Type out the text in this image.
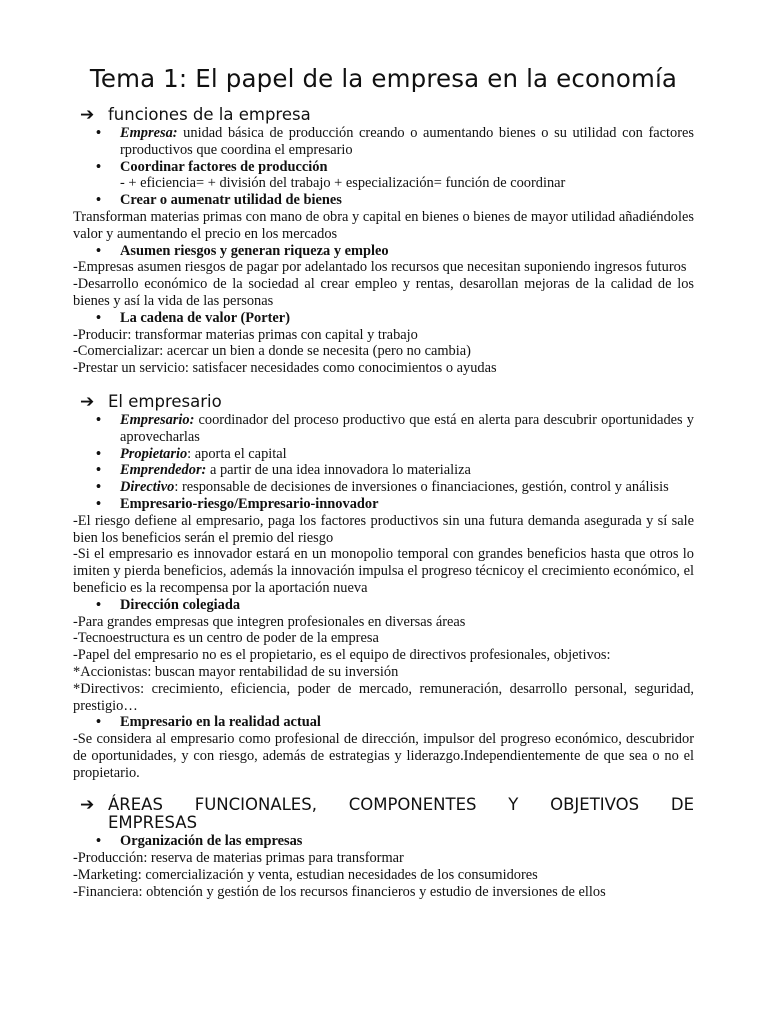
Tema 1: El papel de la empresa en la economía
➔ funciones de la empresa
• Empresa: unidad básica de producción creando o aumentando bienes o su utilidad con factores rproductivos que coordina el empresario
• Coordinar factores de producción
- + eficiencia= + división del trabajo + especialización= función de coordinar
• Crear o aumenatr utilidad de bienes
Transforman materias primas con mano de obra y capital en bienes o bienes de mayor utilidad añadiéndoles valor y aumentando el precio en los mercados
• Asumen riesgos y generan riqueza y empleo
-Empresas asumen riesgos de pagar por adelantado los recursos que necesitan suponiendo ingresos futuros
-Desarrollo económico de la sociedad al crear empleo y rentas, desarollan mejoras de la calidad de los bienes y así la vida de las personas
• La cadena de valor (Porter)
-Producir: transformar materias primas con capital y trabajo
-Comercializar: acercar un bien a donde se necesita (pero no cambia)
-Prestar un servicio: satisfacer necesidades como conocimientos o ayudas
➔ El empresario
• Empresario: coordinador del proceso productivo que está en alerta para descubrir oportunidades y aprovecharlas
• Propietario: aporta el capital
• Emprendedor: a partir de una idea innovadora lo materializa
• Directivo: responsable de decisiones de inversiones o financiaciones, gestión, control y análisis
• Empresario-riesgo/Empresario-innovador
-El riesgo defiene al empresario, paga los factores productivos sin una futura demanda asegurada y sí sale bien los beneficios serán el premio del riesgo
-Si el empresario es innovador estará en un monopolio temporal con grandes beneficios hasta que otros lo imiten y pierda beneficios, además la innovación impulsa el progreso técnicoy el crecimiento económico, el beneficio es la recompensa por la aportación nueva
• Dirección colegiada
-Para grandes empresas que integren profesionales en diversas áreas
-Tecnoestructura es un centro de poder de la empresa
-Papel del empresario no es el propietario, es el equipo de directivos profesionales, objetivos:
*Accionistas: buscan mayor rentabilidad de su inversión
*Directivos: crecimiento, eficiencia, poder de mercado, remuneración, desarrollo personal, seguridad, prestigio…
• Empresario en la realidad actual
-Se considera al empresario como profesional de dirección, impulsor del progreso económico, descubridor de oportunidades, y con riesgo, además de estrategias y liderazgo.Independientemente de que sea o no el propietario.
➔ ÁREAS FUNCIONALES, COMPONENTES Y OBJETIVOS DE
EMPRESAS
• Organización de las empresas
-Producción: reserva de materias primas para transformar
-Marketing: comercialización y venta, estudian necesidades de los consumidores
-Financiera: obtención y gestión de los recursos financieros y estudio de inversiones de ellos
